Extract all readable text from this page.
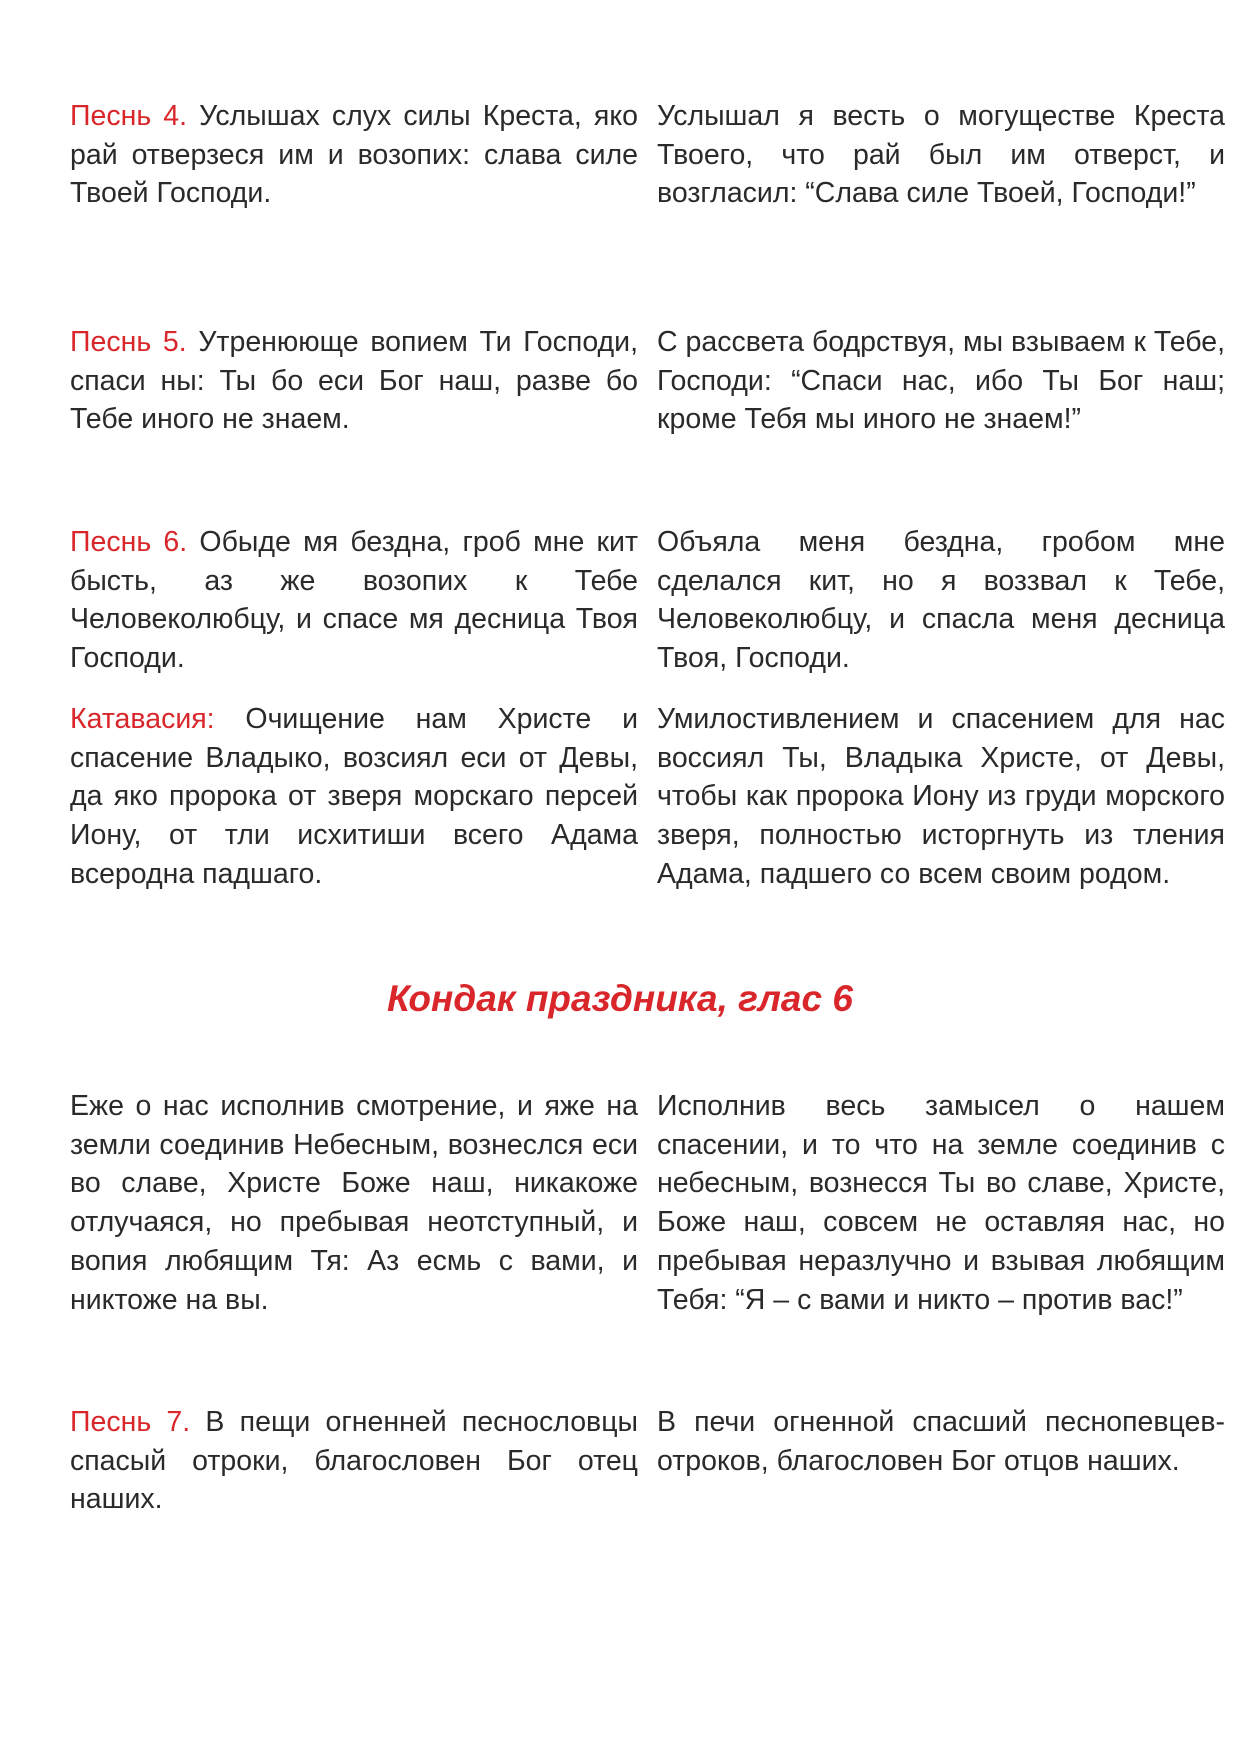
Песнь 4. Услышах слух силы Креста, яко рай отверзеся им и возопих: слава силе Твоей Господи.

Услышал я весть о могуществе Креста Твоего, что рай был им отверст, и возгласил: “Слава силе Твоей, Господи!”

Песнь 5. Утренююще вопием Ти Господи, спаси ны: Ты бо еси Бог наш, разве бо Тебе иного не знаем.

С рассвета бодрствуя, мы взываем к Тебе, Господи: “Спаси нас, ибо Ты Бог наш; кроме Тебя мы иного не знаем!”

Песнь 6. Обыде мя бездна, гроб мне кит бысть, аз же возопих к Тебе Человеколюбцу, и спасе мя десница Твоя Господи.

Объяла меня бездна, гробом мне сделался кит, но я воззвал к Тебе, Человеколюбцу, и спасла меня десница Твоя, Господи.

Катавасия: Очищение нам Христе и спасение Владыко, возсиял еси от Девы, да яко пророка от зверя морскаго персей Иону, от тли исхитиши всего Адама всеродна падшаго.

Умилостивлением и спасением для нас воссиял Ты, Владыка Христе, от Девы, чтобы как пророка Иону из груди морского зверя, полностью исторгнуть из тления Адама, падшего со всем своим родом.

Кондак праздника, глас 6

Еже о нас исполнив смотрение, и яже на земли соединив Небесным, вознеслся еси во славе, Христе Боже наш, никакоже отлучаяся, но пребывая неотступный, и вопия любящим Тя: Аз есмь с вами, и никтоже на вы.

Исполнив весь замысел о нашем спасении, и то что на земле соединив с небесным, вознесся Ты во славе, Христе, Боже наш, совсем не оставляя нас, но пребывая неразлучно и взывая любящим Тебя: “Я – с вами и никто – против вас!”

Песнь 7. В пещи огненней песнословцы спасый отроки, благословен Бог отец наших.

В печи огненной спасший песнопевцев-отроков, благословен Бог отцов наших.
